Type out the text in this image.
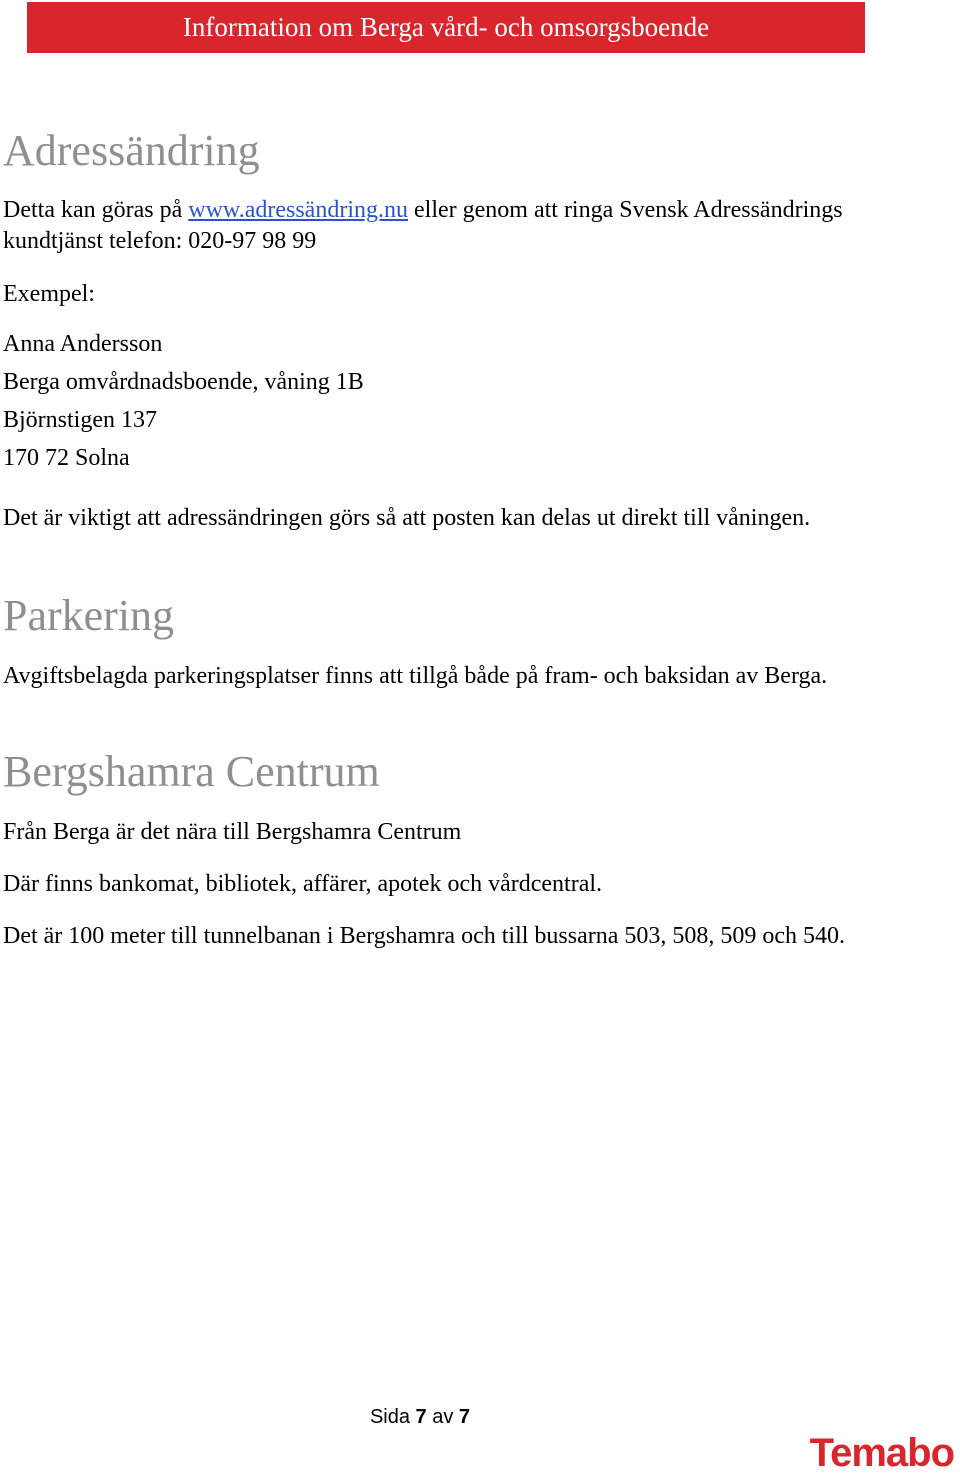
Information om Berga vård- och omsorgsboende
Adressändring

Detta kan göras på www.adressändring.nu eller genom att ringa Svensk Adressändrings kundtjänst telefon: 020-97 98 99

Exempel:

Anna Andersson

Berga omvårdnadsboende, våning 1B

Björnstigen 137

170 72 Solna

Det är viktigt att adressändringen görs så att posten kan delas ut direkt till våningen.

Parkering

Avgiftsbelagda parkeringsplatser finns att tillgå både på fram- och baksidan av Berga.

Bergshamra Centrum

Från Berga är det nära till Bergshamra Centrum

Där finns bankomat, bibliotek, affärer, apotek och vårdcentral.

Det är 100 meter till tunnelbanan i Bergshamra och till bussarna 503, 508, 509 och 540.

Sida 7 av 7
Temabo
